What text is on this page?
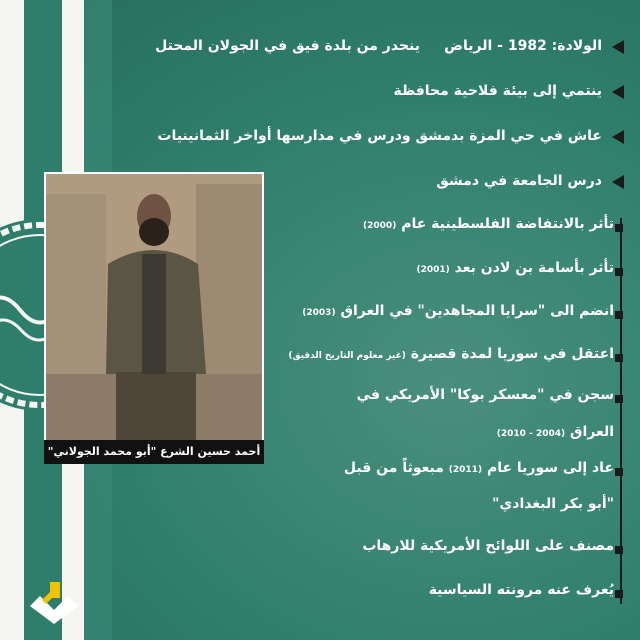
أحمد حسين الشرع "أبو محمد الجولاني"
الولادة: 1982 - الرياض
ينحدر من بلدة فيق في الجولان المحتل
ينتمي إلى بيئة فلاحية محافظة
عاش في حي المزة بدمشق ودرس في مدارسها أواخر الثمانينيات
درس الجامعة في دمشق
تأثر بالانتفاضة الفلسطينية عام (2000)
تأثر بأسامة بن لادن بعد (2001)
انضم الى "سرايا المجاهدين" في العراق (2003)
اعتقل في سوريا لمدة قصيرة (غير معلوم التاريخ الدقيق)
سجن في "معسكر بوكا" الأمريكي في
العراق (2004 - 2010)
عاد إلى سوريا عام (2011) مبعوثاً من قبل
"أبو بكر البغدادي"
مصنف على اللوائح الأمريكية للارهاب
يُعرف عنه مرونته السياسية
